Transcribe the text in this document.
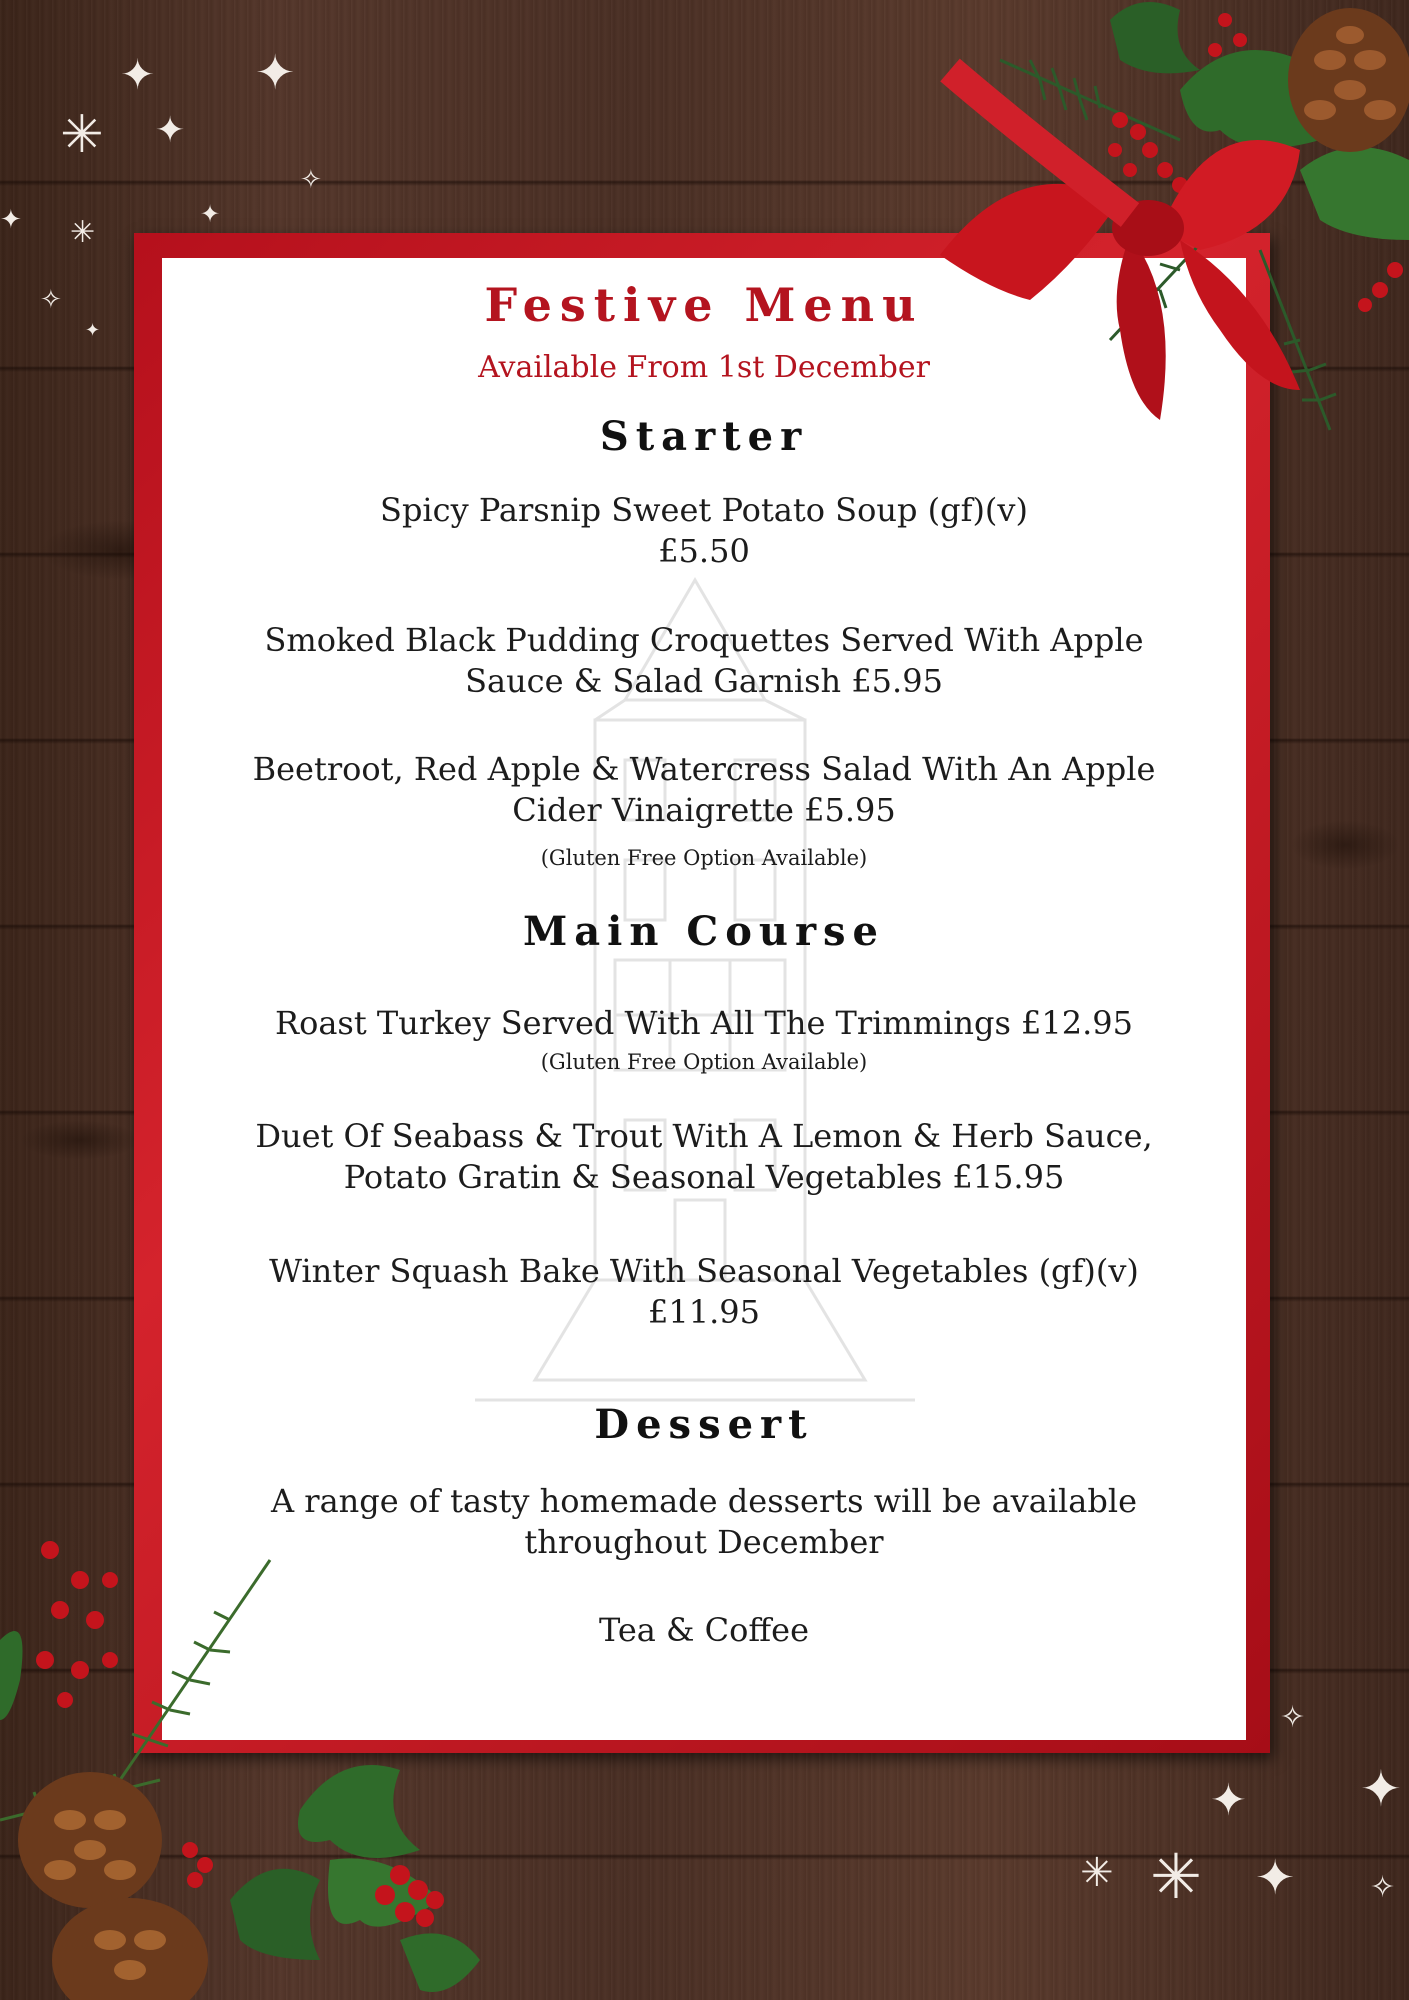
✦ ✦
✳ ✦
✧
✦ ✳
✦
✧
✦
✧
✦ ✦
✳ ✳ ✦ ✧
Festive Menu
Available From 1st December
Starter
Spicy Parsnip Sweet Potato Soup (gf)(v)
£5.50
Smoked Black Pudding Croquettes Served With Apple
Sauce & Salad Garnish £5.95
Beetroot, Red Apple & Watercress Salad With An Apple
Cider Vinaigrette £5.95
(Gluten Free Option Available)
Main Course
Roast Turkey Served With All The Trimmings £12.95
(Gluten Free Option Available)
Duet Of Seabass & Trout With A Lemon & Herb Sauce,
Potato Gratin & Seasonal Vegetables £15.95
Winter Squash Bake With Seasonal Vegetables (gf)(v)
£11.95
Dessert
A range of tasty homemade desserts will be available
throughout December
Tea & Coffee
